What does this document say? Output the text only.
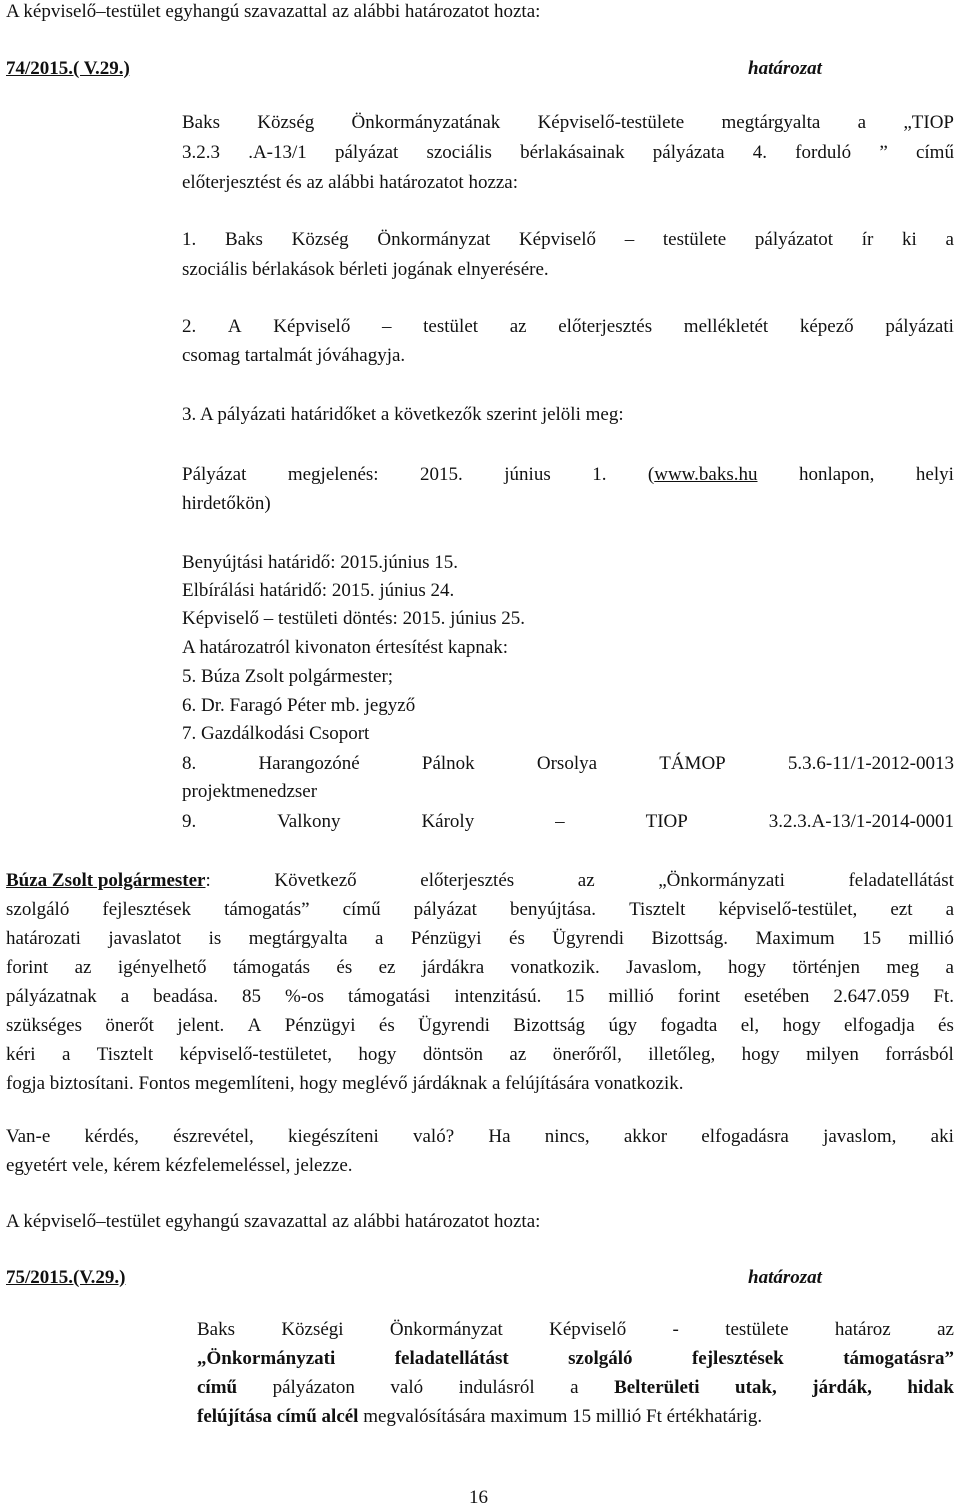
A képviselő–testület egyhangú szavazattal az alábbi határozatot hozta:
74/2015.( V.29.)	határozat
Baks Község Önkormányzatának Képviselő-testülete megtárgyalta a „TIOP
3.2.3 .A-13/1 pályázat szociális bérlakásainak pályázata 4. forduló ” című
előterjesztést és az alábbi határozatot hozza:
1. Baks Község Önkormányzat Képviselő – testülete pályázatot ír ki a
szociális bérlakások bérleti jogának elnyerésére.
2. A Képviselő – testület az előterjesztés mellékletét képező pályázati
csomag tartalmát jóváhagyja.
3. A pályázati határidőket a következők szerint jelöli meg:
Pályázat megjelenés: 2015. június 1. (www.baks.hu honlapon, helyi
hirdetőkön)
Benyújtási határidő: 2015.június 15.
Elbírálási határidő: 2015. június 24.
Képviselő – testületi döntés: 2015. június 25.
A határozatról kivonaton értesítést kapnak:
5. Búza Zsolt polgármester;
6. Dr. Faragó Péter mb. jegyző
7. Gazdálkodási Csoport
8.	Harangozóné	Pálnok	Orsolya	TÁMOP	5.3.6-11/1-2012-0013
projektmenedzser
9.	Valkony	Károly	–	TIOP	3.2.3.A-13/1-2014-0001
Búza Zsolt polgármester:	Következő	előterjesztés	az	„Önkormányzati	feladatellátást
szolgáló fejlesztések támogatás” című pályázat benyújtása. Tisztelt képviselő-testület, ezt a
határozati javaslatot is megtárgyalta a Pénzügyi és Ügyrendi Bizottság. Maximum 15 millió
forint az igényelhető támogatás és ez járdákra vonatkozik. Javaslom, hogy történjen meg a
pályázatnak a beadása. 85 %-os támogatási intenzitású. 15 millió forint esetében 2.647.059 Ft.
szükséges önerőt jelent. A Pénzügyi és Ügyrendi Bizottság úgy fogadta el, hogy elfogadja és
kéri a Tisztelt képviselő-testületet, hogy döntsön az önerőről, illetőleg, hogy milyen forrásból
fogja biztosítani. Fontos megemlíteni, hogy meglévő járdáknak a felújítására vonatkozik.
Van-e kérdés, észrevétel, kiegészíteni való? Ha nincs, akkor elfogadásra javaslom, aki
egyetért vele, kérem kézfelemeléssel, jelezze.
A képviselő–testület egyhangú szavazattal az alábbi határozatot hozta:
75/2015.(V.29.)	határozat
Baks Községi Önkormányzat Képviselő - testülete határoz az
„Önkormányzati	feladatellátást	szolgáló	fejlesztések	támogatásra”
című pályázaton való indulásról a Belterületi utak, járdák, hidak
felújítása című alcél megvalósítására maximum 15 millió Ft értékhatárig.
16
